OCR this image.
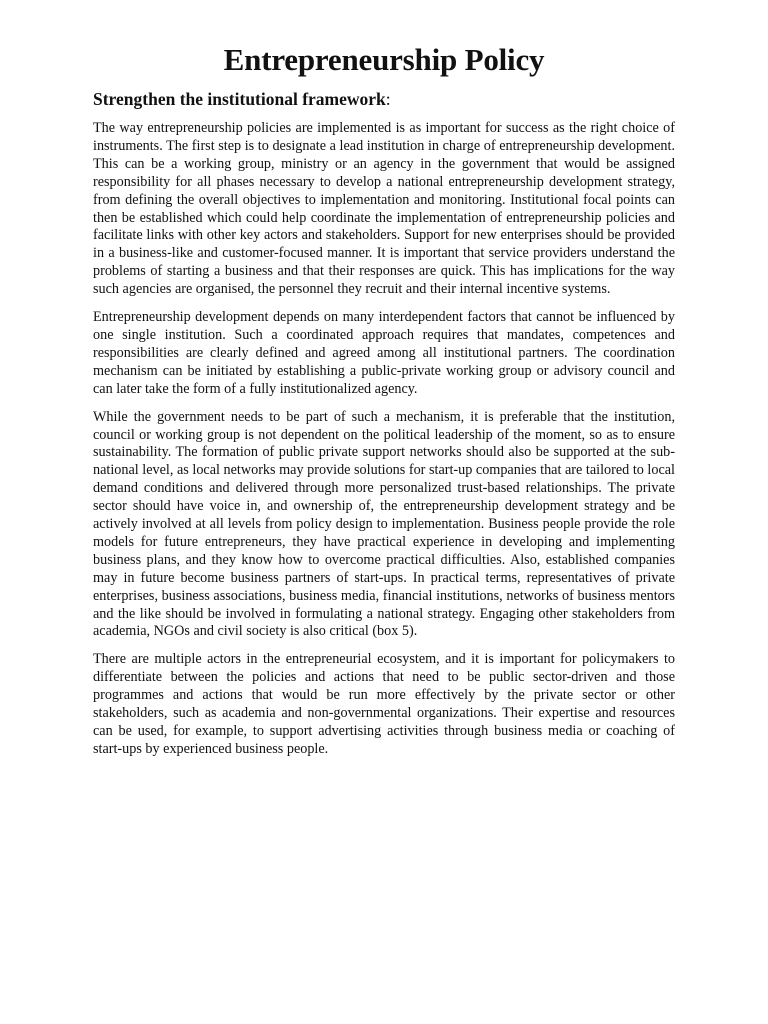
Entrepreneurship Policy

Strengthen the institutional framework:

The way entrepreneurship policies are implemented is as important for success as the right choice of instruments. The first step is to designate a lead institution in charge of entrepreneurship development. This can be a working group, ministry or an agency in the government that would be assigned responsibility for all phases necessary to develop a national entrepreneurship development strategy, from defining the overall objectives to implementation and monitoring. Institutional focal points can then be established which could help coordinate the implementation of entrepreneurship policies and facilitate links with other key actors and stakeholders. Support for new enterprises should be provided in a business-like and customer-focused manner. It is important that service providers understand the problems of starting a business and that their responses are quick. This has implications for the way such agencies are organised, the personnel they recruit and their internal incentive systems.

Entrepreneurship development depends on many interdependent factors that cannot be influenced by one single institution. Such a coordinated approach requires that mandates, competences and responsibilities are clearly defined and agreed among all institutional partners. The coordination mechanism can be initiated by establishing a public-private working group or advisory council and can later take the form of a fully institutionalized agency.

While the government needs to be part of such a mechanism, it is preferable that the institution, council or working group is not dependent on the political leadership of the moment, so as to ensure sustainability. The formation of public private support networks should also be supported at the sub-national level, as local networks may provide solutions for start-up companies that are tailored to local demand conditions and delivered through more personalized trust-based relationships. The private sector should have voice in, and ownership of, the entrepreneurship development strategy and be actively involved at all levels from policy design to implementation. Business people provide the role models for future entrepreneurs, they have practical experience in developing and implementing business plans, and they know how to overcome practical difficulties. Also, established companies may in future become business partners of start-ups. In practical terms, representatives of private enterprises, business associations, business media, financial institutions, networks of business mentors and the like should be involved in formulating a national strategy. Engaging other stakeholders from academia, NGOs and civil society is also critical (box 5).

There are multiple actors in the entrepreneurial ecosystem, and it is important for policymakers to differentiate between the policies and actions that need to be public sector-driven and those programmes and actions that would be run more effectively by the private sector or other stakeholders, such as academia and non-governmental organizations. Their expertise and resources can be used, for example, to support advertising activities through business media or coaching of start-ups by experienced business people.
